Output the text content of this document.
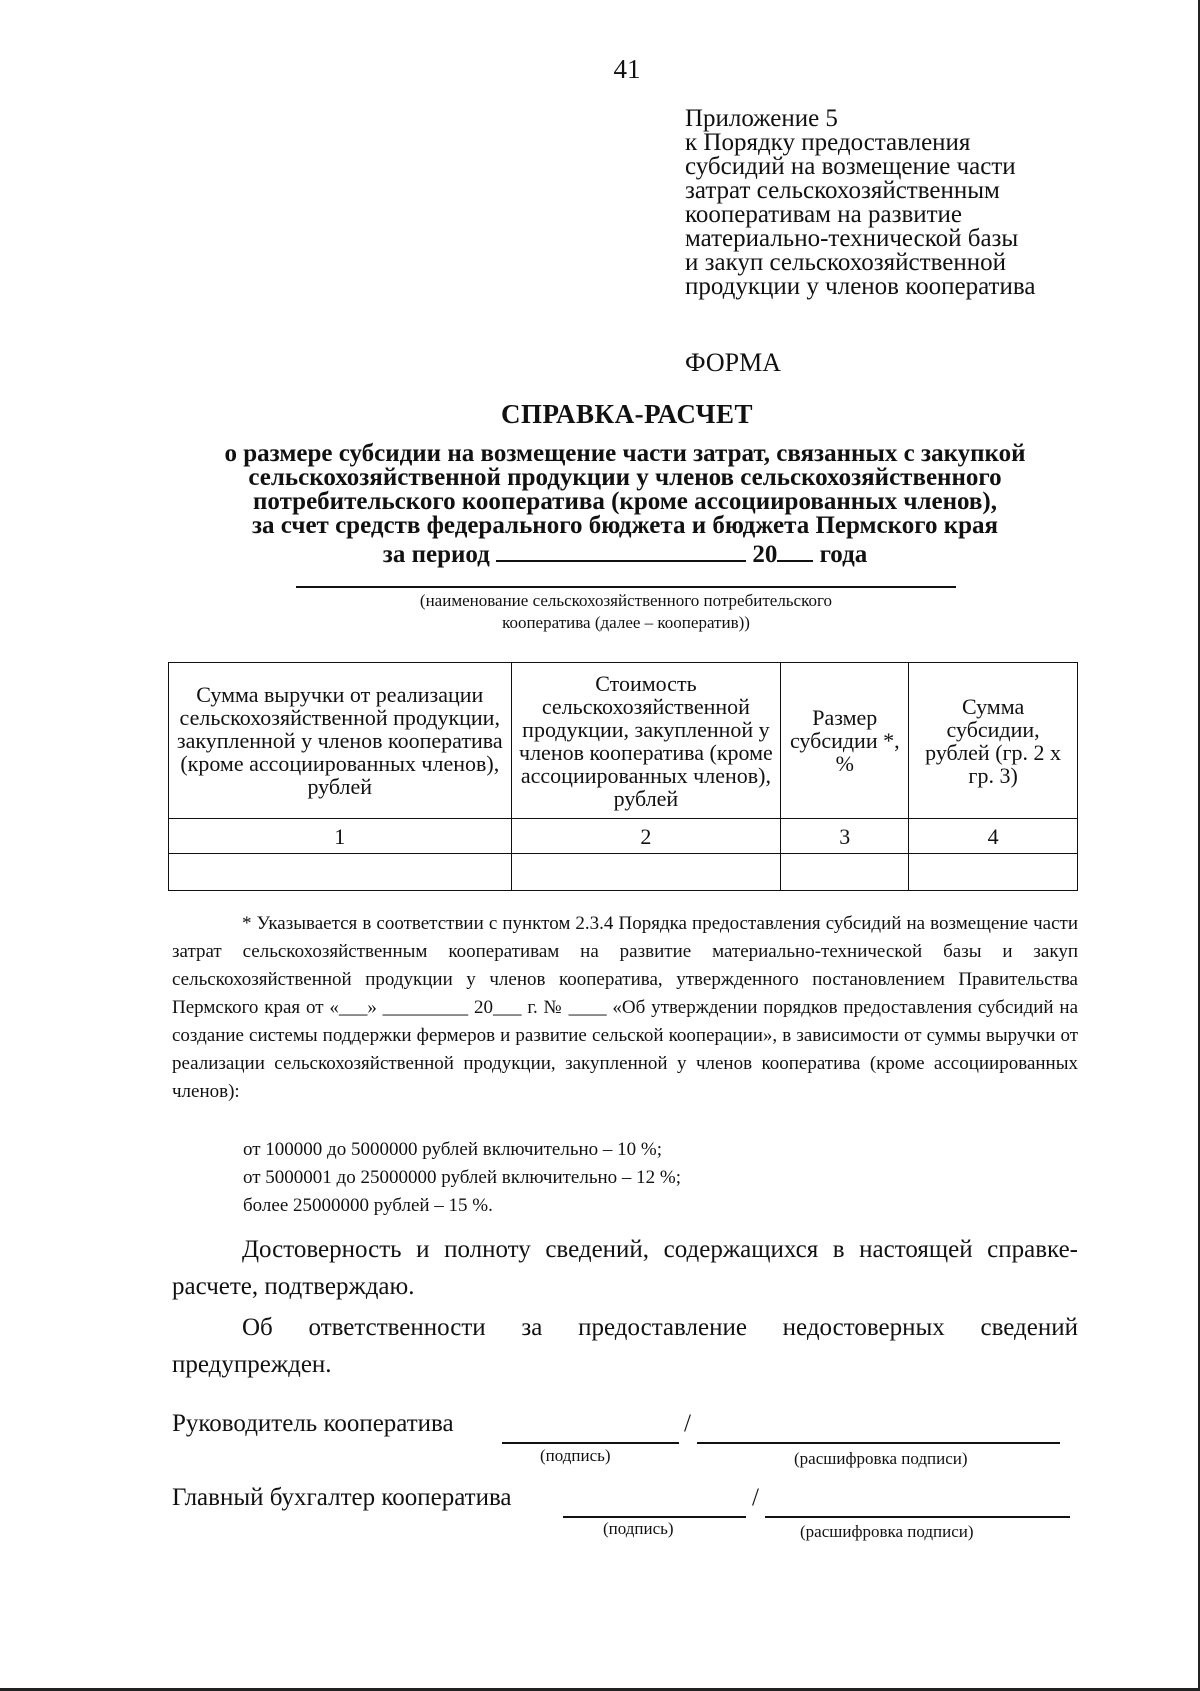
41
Приложение 5
к Порядку предоставления
субсидий на возмещение части
затрат сельскохозяйственным
кооперативам на развитие
материально-технической базы
и закуп сельскохозяйственной
продукции у членов кооператива
ФОРМА
СПРАВКА-РАСЧЕТ
о размере субсидии на возмещение части затрат, связанных с закупкой
сельскохозяйственной продукции у членов сельскохозяйственного
потребительского кооператива (кроме ассоциированных членов),
за счет средств федерального бюджета и бюджета Пермского края
за период	20 года
(наименование сельскохозяйственного потребительского
кооператива (далее – кооператив))
Сумма выручки от реализации сельскохозяйственной продукции, закупленной у членов кооператива (кроме ассоциированных членов), рублей	Стоимость сельскохозяйственной продукции, закупленной у членов кооператива (кроме ассоциированных членов), рублей	Размер субсидии *, %	Сумма субсидии, рублей (гр. 2 х гр. 3)
1	2	3	4

* Указывается в соответствии с пунктом 2.3.4 Порядка предоставления субсидий на возмещение части затрат сельскохозяйственным кооперативам на развитие материально-технической базы и закуп сельскохозяйственной продукции у членов кооператива, утвержденного постановлением Правительства Пермского края от «___» _________ 20___ г. № ____ «Об утверждении порядков предоставления субсидий на создание системы поддержки фермеров и развитие сельской кооперации», в зависимости от суммы выручки от реализации сельскохозяйственной продукции, закупленной у членов кооператива (кроме ассоциированных членов):

от 100000 до 5000000 рублей включительно – 10 %;
от 5000001 до 25000000 рублей включительно – 12 %;
более 25000000 рублей – 15 %.

Достоверность и полноту сведений, содержащихся в настоящей справке-расчете, подтверждаю.

Об ответственности за предоставление недостоверных сведений предупрежден.

Руководитель кооператива	/
(подпись)	(расшифровка подписи)
Главный бухгалтер кооператива	/
(подпись)	(расшифровка подписи)
